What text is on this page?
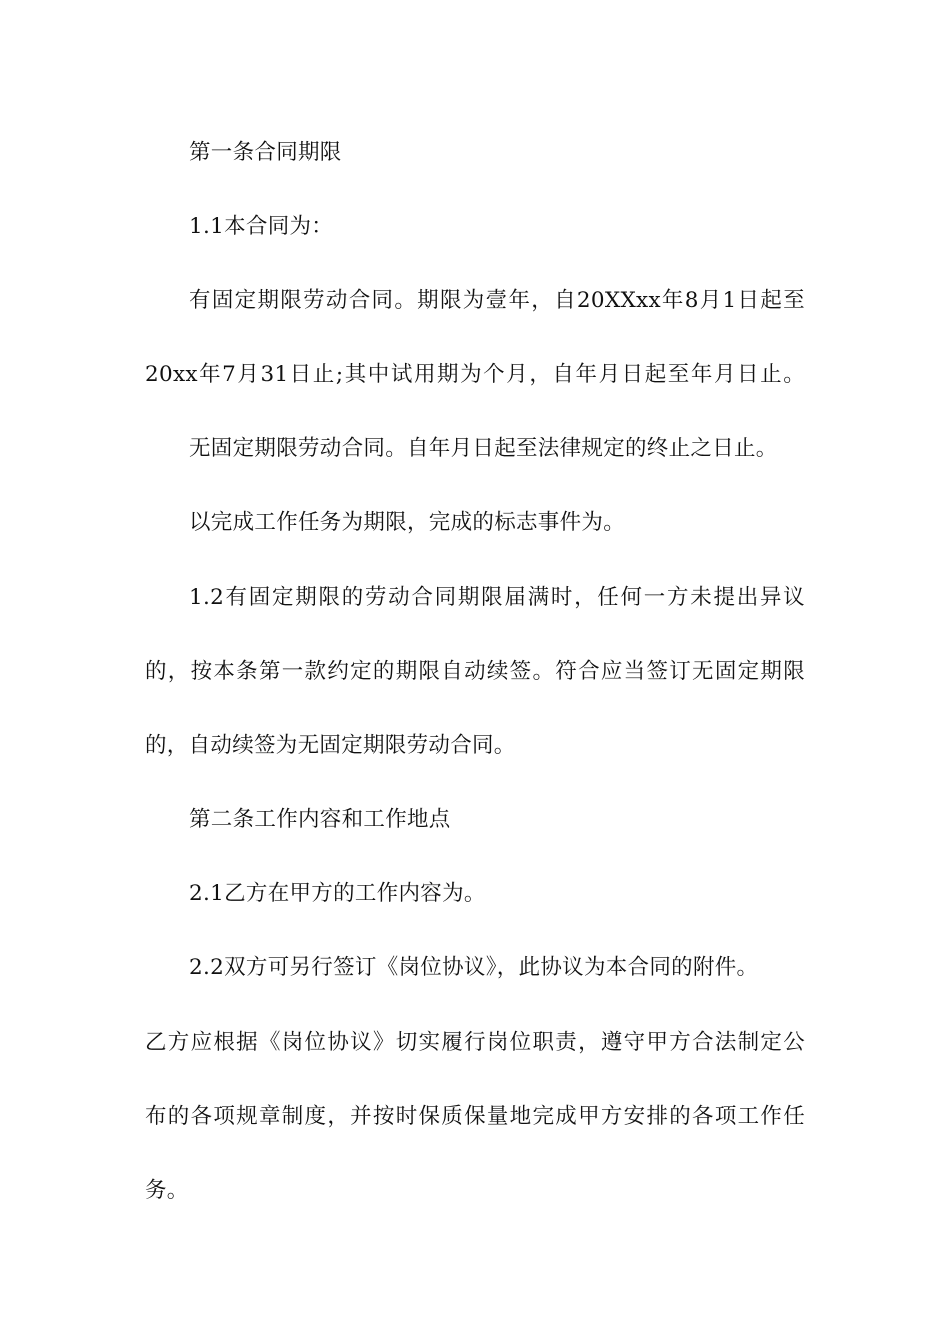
第一条合同期限
1.1本合同为：
有固定期限劳动合同。期限为壹年，自20XXxx年8月1日起至
20xx年7月31日止;其中试用期为个月，自年月日起至年月日止。
无固定期限劳动合同。自年月日起至法律规定的终止之日止。
以完成工作任务为期限，完成的标志事件为。
1.2有固定期限的劳动合同期限届满时，任何一方未提出异议
的，按本条第一款约定的期限自动续签。符合应当签订无固定期限
的，自动续签为无固定期限劳动合同。
第二条工作内容和工作地点
2.1乙方在甲方的工作内容为。
2.2双方可另行签订《岗位协议》，此协议为本合同的附件。
乙方应根据《岗位协议》切实履行岗位职责，遵守甲方合法制定公
布的各项规章制度，并按时保质保量地完成甲方安排的各项工作任
务。
